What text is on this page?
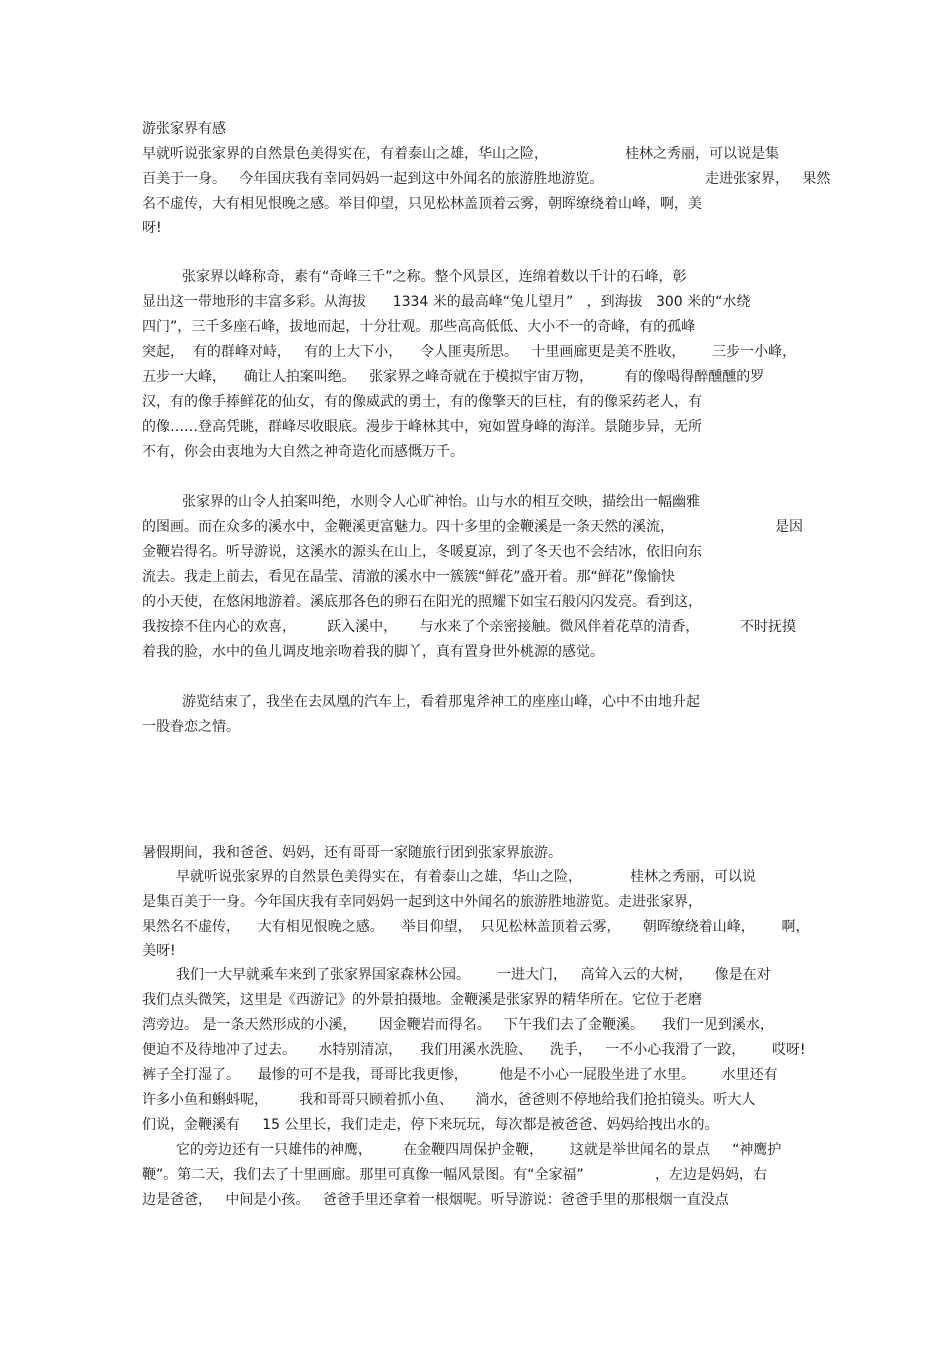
游张家界有感
早就听说张家界的自然景色美得实在，有着泰山之雄，华山之险，	桂林之秀丽，可以说是集
百美于一身。   今年国庆我有幸同妈妈一起到这中外闻名的旅游胜地游览。	走进张家界，   果然
名不虚传，大有相见恨晚之感。举目仰望，只见松林盖顶着云雾，朝晖缭绕着山峰，啊，美
呀!
张家界以峰称奇，素有“奇峰三千”之称。整个风景区，连绵着数以千计的石峰，彰
显出这一带地形的丰富多彩。从海拔      1334 米的最高峰“兔儿望月”   ，到海拔   300 米的“水绕
四门”，三千多座石峰，拔地而起，十分壮观。那些高高低低、大小不一的奇峰，有的孤峰
突起，  有的群峰对峙，   有的上大下小，    令人匪夷所思。   十里画廊更是美不胜收，      三步一小峰，
五步一大峰，    确让人拍案叫绝。   张家界之峰奇就在于模拟宇宙万物，       有的像喝得醉醺醺的罗
汉，有的像手捧鲜花的仙女，有的像威武的勇士，有的像擎天的巨柱，有的像采药老人，有
的像……登高凭眺，群峰尽收眼底。漫步于峰林其中，宛如置身峰的海洋。景随步异，无所
不有，你会由衷地为大自然之神奇造化而感慨万千。
张家界的山令人拍案叫绝，水则令人心旷神怡。山与水的相互交映，描绘出一幅幽雅
的图画。而在众多的溪水中，金鞭溪更富魅力。四十多里的金鞭溪是一条天然的溪流，	是因
金鞭岩得名。听导游说，这溪水的源头在山上，冬暖夏凉，到了冬天也不会结冰，依旧向东
流去。我走上前去，看见在晶莹、清澈的溪水中一簇簇“鲜花”盛开着。那“鲜花”像愉快
的小天使，在悠闲地游着。溪底那各色的卵石在阳光的照耀下如宝石般闪闪发亮。看到这，
我按捺不住内心的欢喜，       跃入溪中，     与水来了个亲密接触。微风伴着花草的清香，	不时抚摸
着我的脸，水中的鱼儿调皮地亲吻着我的脚丫，真有置身世外桃源的感觉。
游览结束了，我坐在去凤凰的汽车上，看着那鬼斧神工的座座山峰，心中不由地升起
一股眷恋之情。
暑假期间，我和爸爸、妈妈，还有哥哥一家随旅行团到张家界旅游。
早就听说张家界的自然景色美得实在，有着泰山之雄，华山之险，	桂林之秀丽，可以说
是集百美于一身。今年国庆我有幸同妈妈一起到这中外闻名的旅游胜地游览。走进张家界，
果然名不虚传，    大有相见恨晚之感。    举目仰望，  只见松林盖顶着云雾，     朝晖缭绕着山峰，      啊，
美呀!
我们一大早就乘车来到了张家界国家森林公园。 一进大门，   高耸入云的大树，     像是在对
我们点头微笑，这里是《西游记》的外景拍摄地。金鞭溪是张家界的精华所在。它位于老磨
湾旁边。 是一条天然形成的小溪，     因金鞭岩而得名。   下午我们去了金鞭溪。    我们一见到溪水，
便迫不及待地冲了过去。     水特别清凉，    我们用溪水洗脸、    洗手，   一不小心我滑了一跤，      哎呀!
裤子全打湿了。    最惨的可不是我，哥哥比我更惨，       他是不小心一屁股坐进了水里。      水里还有
许多小鱼和蝌蚪呢，       我和哥哥只顾着抓小鱼、     淌水，爸爸则不停地给我们抢拍镜头。听大人
们说，金鞭溪有     15 公里长，我们走走，停下来玩玩，每次都是被爸爸、妈妈给拽出水的。
它的旁边还有一只雄伟的神鹰，       在金鞭四周保护金鞭，      这就是举世闻名的景点     “神鹰护
鞭”。第二天，我们去了十里画廊。那里可真像一幅风景图。有“全家福”	，左边是妈妈，右
边是爸爸，   中间是小孩。   爸爸手里还拿着一根烟呢。听导游说：爸爸手里的那根烟一直没点
